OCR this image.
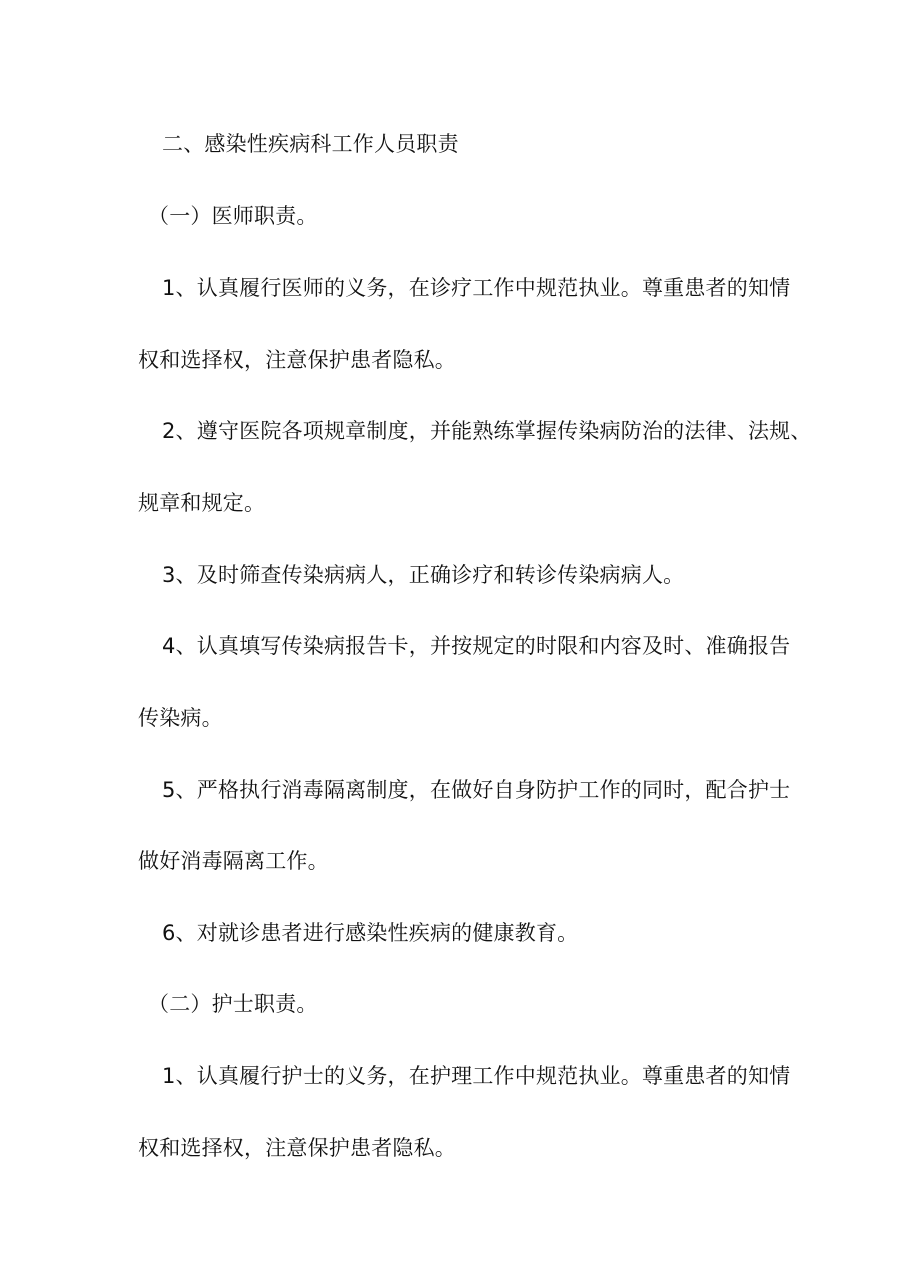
二、感染性疾病科工作人员职责
（一）医师职责。
1、认真履行医师的义务，在诊疗工作中规范执业。尊重患者的知情
权和选择权，注意保护患者隐私。
2、遵守医院各项规章制度，并能熟练掌握传染病防治的法律、法规、
规章和规定。
3、及时筛查传染病病人，正确诊疗和转诊传染病病人。
4、认真填写传染病报告卡，并按规定的时限和内容及时、准确报告
传染病。
5、严格执行消毒隔离制度，在做好自身防护工作的同时，配合护士
做好消毒隔离工作。
6、对就诊患者进行感染性疾病的健康教育。
（二）护士职责。
1、认真履行护士的义务，在护理工作中规范执业。尊重患者的知情
权和选择权，注意保护患者隐私。
